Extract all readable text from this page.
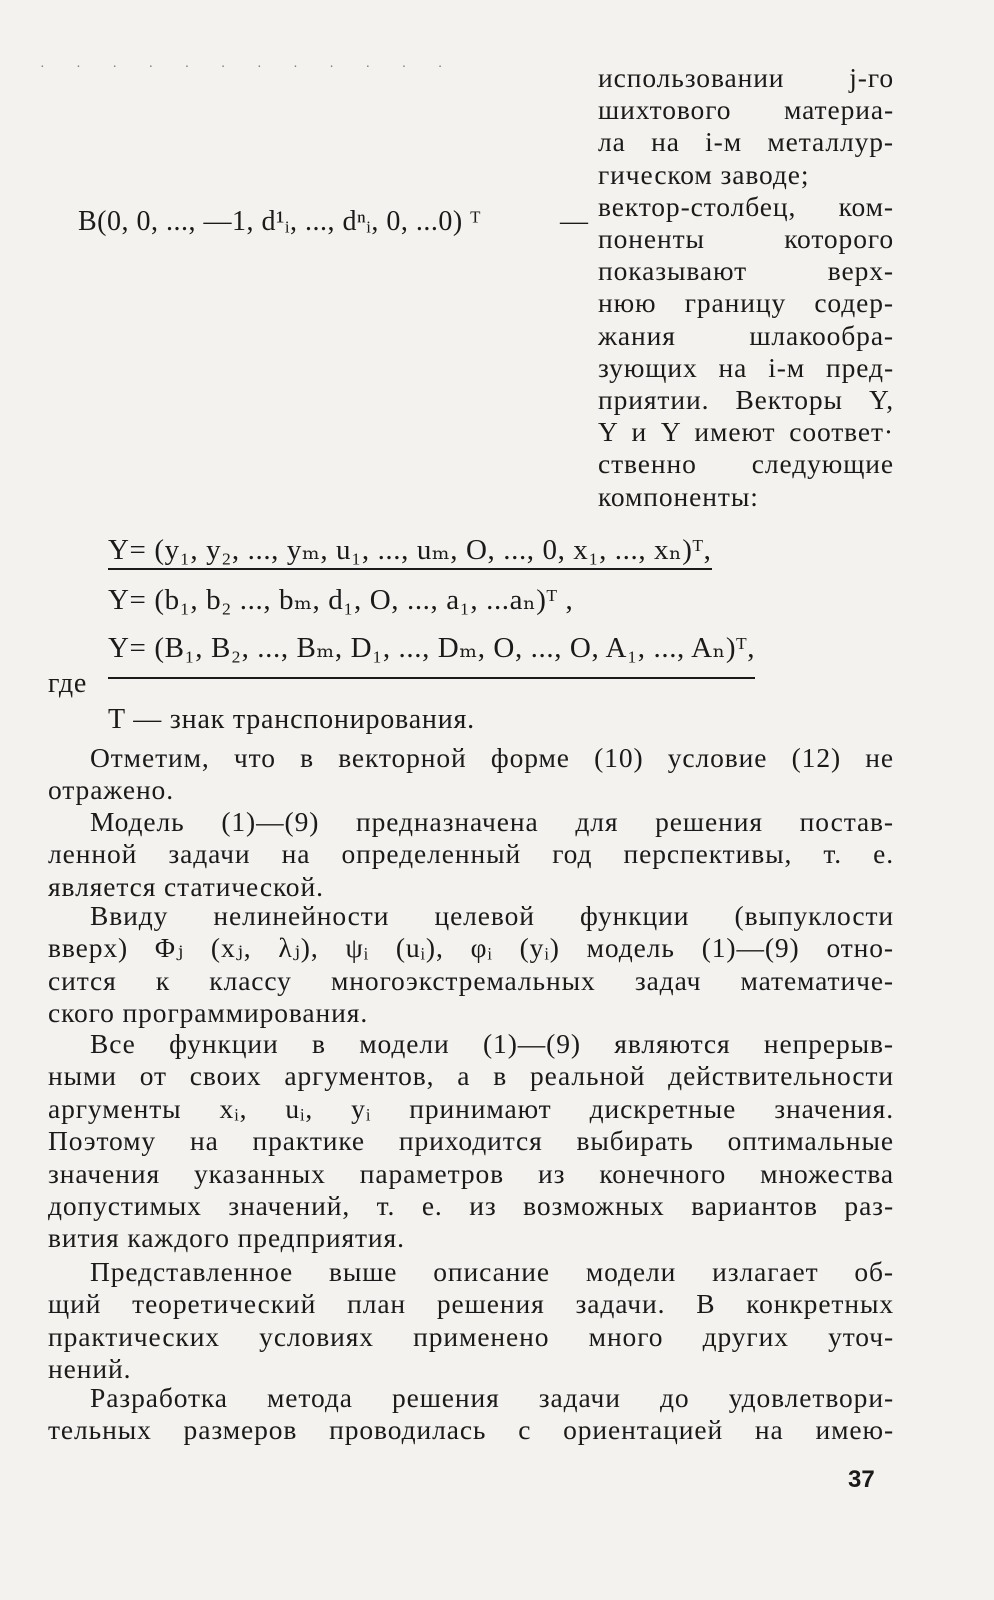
· · · · · · · · · · · ·	использовании j-го
шихтового материа-
ла на i-м металлур-
гическом заводе;
вектор-столбец, ком-
поненты которого
показывают верх-
нюю границу содер-
жания шлакообра-
зующих на i-м пред-
приятии. Векторы Y,
Y и Y имеют соответ·
ственно следующие
компоненты:
B(0, 0, ..., —1, d¹ᵢ, ..., dⁿᵢ, 0, ...0) ᵀ	—
Y= (y₁, y₂, ..., yₘ, u₁, ..., uₘ, O, ..., 0, x₁, ..., xₙ)ᵀ,
Y= (b₁, b₂ ..., bₘ, d₁, O, ..., a₁, ...aₙ)ᵀ ,
Y= (B₁, B₂, ..., Bₘ, D₁, ..., Dₘ, O, ..., O, A₁, ..., Aₙ)ᵀ,
где
T — знак транспонирования.
Отметим, что в векторной форме (10) условие (12) не
отражено.
Модель (1)—(9) предназначена для решения постав-
ленной задачи на определенный год перспективы, т. е.
является статической.
Ввиду нелинейности целевой функции (выпуклости
вверх) Φⱼ (xⱼ, λⱼ), ψᵢ (uᵢ), φᵢ (yᵢ) модель (1)—(9) отно-
сится к классу многоэкстремальных задач математиче-
ского программирования.
Все функции в модели (1)—(9) являются непрерыв-
ными от своих аргументов, а в реальной действительности
аргументы xᵢ, uᵢ, yᵢ принимают дискретные значения.
Поэтому на практике приходится выбирать оптимальные
значения указанных параметров из конечного множества
допустимых значений, т. е. из возможных вариантов раз-
вития каждого предприятия.
Представленное выше описание модели излагает об-
щий теоретический план решения задачи. В конкретных
практических условиях применено много других уточ-
нений.
Разработка метода решения задачи до удовлетвори-
тельных размеров проводилась с ориентацией на имею-
37
